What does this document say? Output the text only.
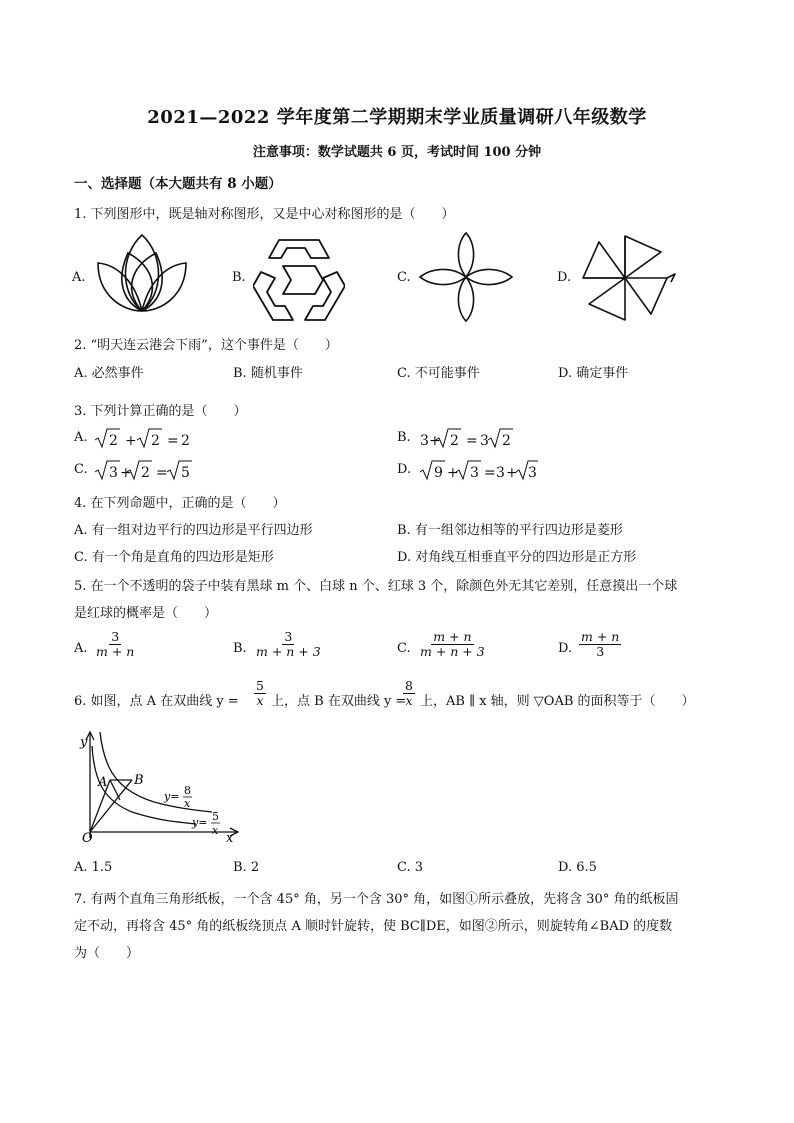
2021—2022 学年度第二学期期末学业质量调研八年级数学
注意事项：数学试题共 6 页，考试时间 100 分钟
一、选择题（本大题共有 8 小题）
1. 下列图形中，既是轴对称图形，又是中心对称图形的是（　　）
A.	B.	C.	D.
2. “明天连云港会下雨”，这个事件是（　　）
A. 必然事件	B. 随机事件	C. 不可能事件	D. 确定事件
3. 下列计算正确的是（　　）
A. 2 + 2 = 2	B. 3 + 2 = 3 2
C. 3 + 2 = 5	D. 9 + 3 = 3 + 3
4. 在下列命题中，正确的是（　　）
A. 有一组对边平行的四边形是平行四边形	B. 有一组邻边相等的平行四边形是菱形
C. 有一个角是直角的四边形是矩形	D. 对角线互相垂直平分的四边形是正方形
5. 在一个不透明的袋子中装有黑球 m 个、白球 n 个、红球 3 个，除颜色外无其它差别，任意摸出一个球
是红球的概率是（　　）
A. $\frac{3}{m + n}$	B. $\frac{3}{m + n + 3}$	C. $\frac{m + n}{m + n + 3}$	D. $\frac{m + n}{3}$
6. 如图，点 A 在双曲线 $y = \frac{5}{x}$ 上，点 B 在双曲线 y =
$\frac{8}{x}$ 上，AB ∥ x 轴，则 ▽OAB 的面积等于（　　）
y
x
O
A B
y= 8
x
y= 5
x
A. 1.5	B. 2	C. 3	D. 6.5
7. 有两个直角三角形纸板，一个含 45° 角，另一个含 30° 角，如图①所示叠放，先将含 30° 角的纸板固
定不动，再将含 45° 角的纸板绕顶点 A 顺时针旋转，使 BC∥DE，如图②所示，则旋转角∠BAD 的度数
为（　　）
